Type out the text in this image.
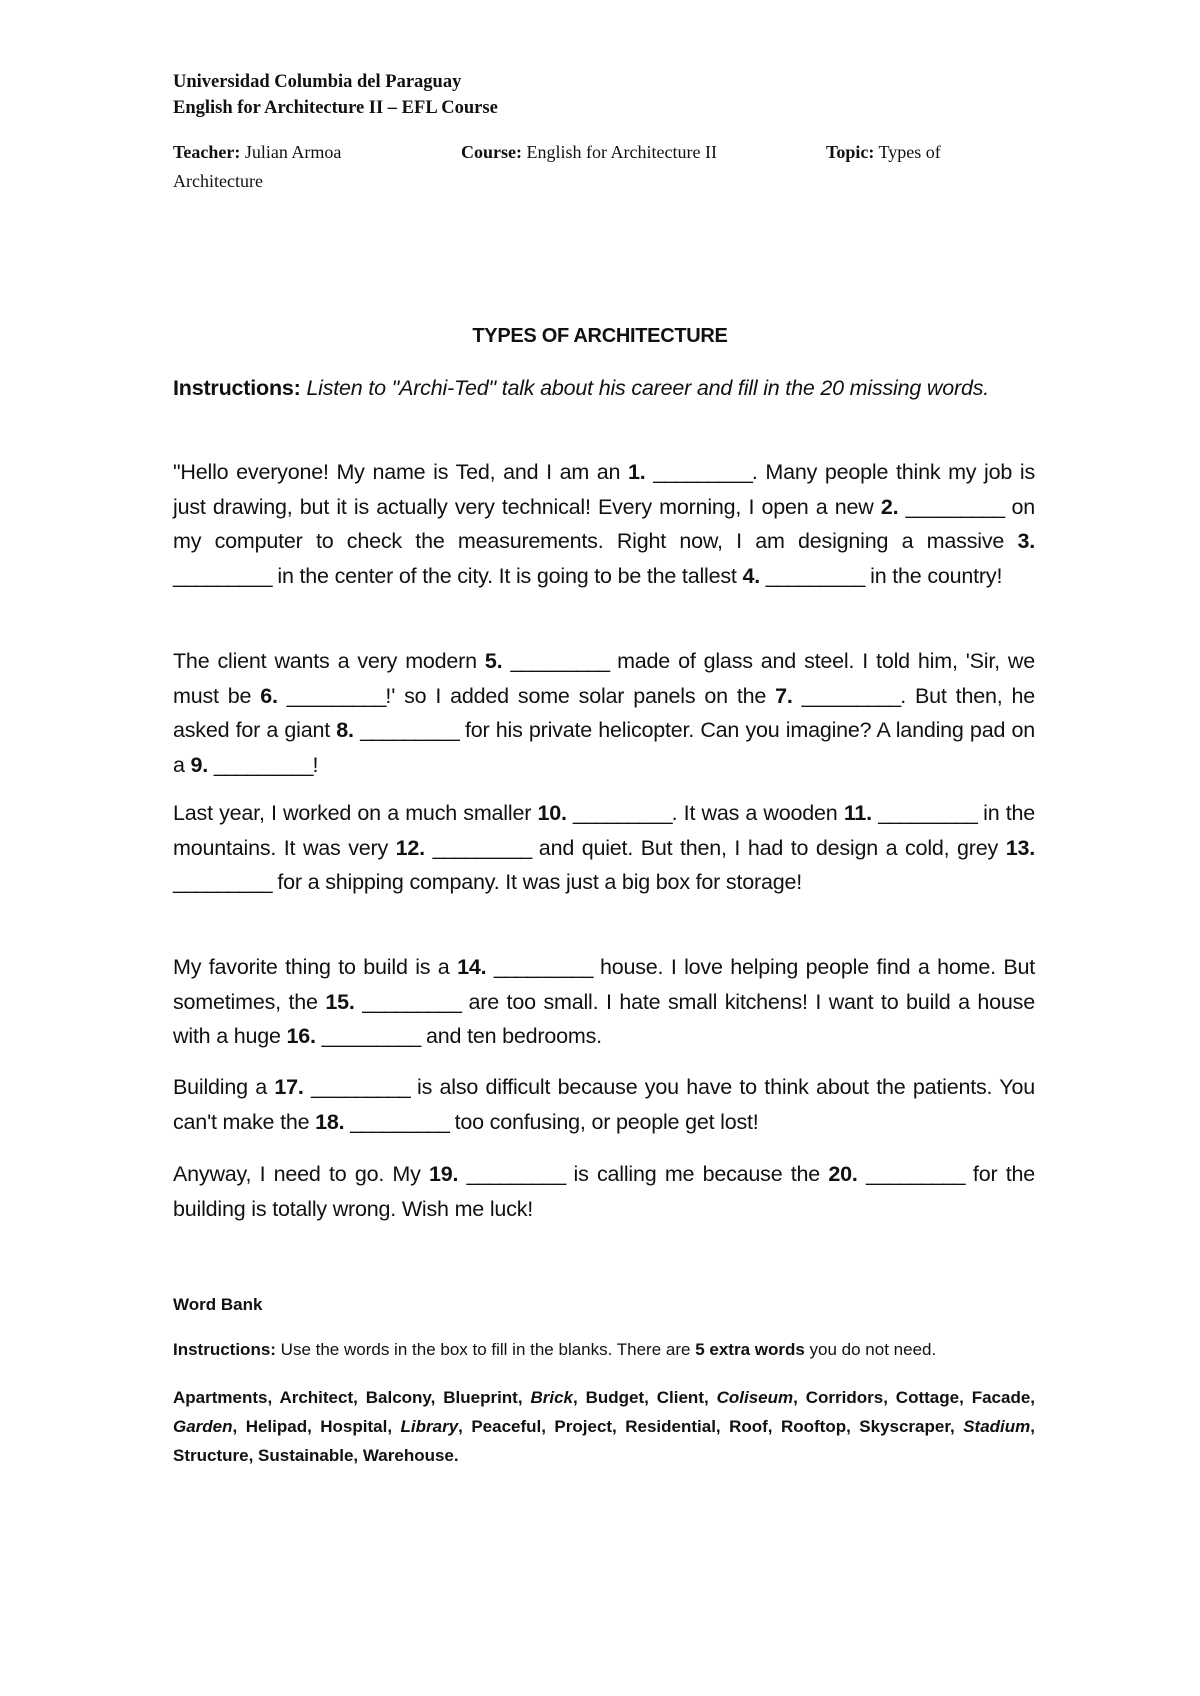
Universidad Columbia del Paraguay
English for Architecture II – EFL Course
Teacher: Julian Armoa	Course: English for Architecture II	Topic: Types of
Architecture
TYPES OF ARCHITECTURE

Instructions: Listen to "Archi-Ted" talk about his career and fill in the 20 missing words.

"Hello everyone! My name is Ted, and I am an 1. _________. Many people think my job is just drawing, but it is actually very technical! Every morning, I open a new 2. _________ on my computer to check the measurements. Right now, I am designing a massive 3. _________ in the center of the city. It is going to be the tallest 4. _________ in the country!

The client wants a very modern 5. _________ made of glass and steel. I told him, 'Sir, we must be 6. _________!' so I added some solar panels on the 7. _________. But then, he asked for a giant 8. _________ for his private helicopter. Can you imagine? A landing pad on a 9. _________!

Last year, I worked on a much smaller 10. _________. It was a wooden 11. _________ in the mountains. It was very 12. _________ and quiet. But then, I had to design a cold, grey 13. _________ for a shipping company. It was just a big box for storage!

My favorite thing to build is a 14. _________ house. I love helping people find a home. But sometimes, the 15. _________ are too small. I hate small kitchens! I want to build a house with a huge 16. _________ and ten bedrooms.

Building a 17. _________ is also difficult because you have to think about the patients. You can't make the 18. _________ too confusing, or people get lost!

Anyway, I need to go. My 19. _________ is calling me because the 20. _________ for the building is totally wrong. Wish me luck!

Word Bank
Instructions: Use the words in the box to fill in the blanks. There are 5 extra words you do not need.
Apartments, Architect, Balcony, Blueprint, Brick, Budget, Client, Coliseum, Corridors, Cottage, Facade, Garden, Helipad, Hospital, Library, Peaceful, Project, Residential, Roof, Rooftop, Skyscraper, Stadium, Structure, Sustainable, Warehouse.
